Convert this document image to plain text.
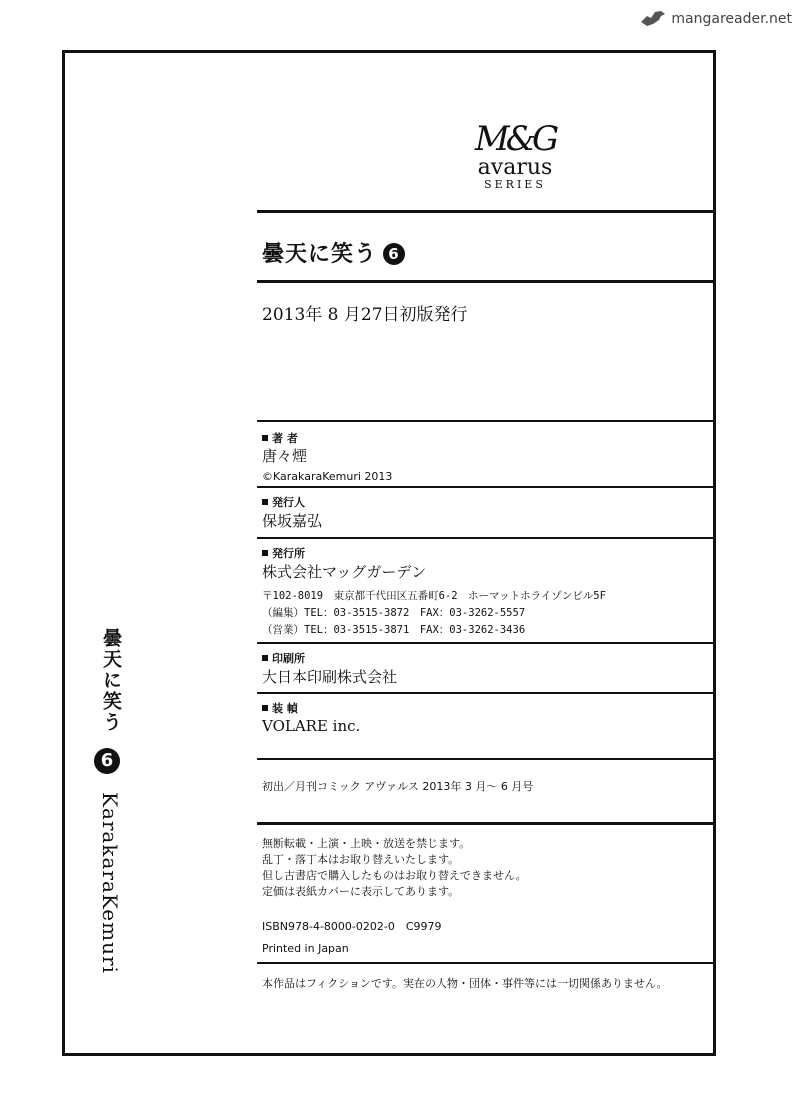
mangareader.net
M&G
avarus
SERIES
曇天に笑う 6
2013年 8 月27日初版発行
著 者
唐々煙
©KarakaraKemuri 2013
発行人
保坂嘉弘
発行所
株式会社マッグガーデン
〒102-8019　東京都千代田区五番町6-2　ホーマットホライゾンビル5F
（編集）TEL：03-3515-3872　FAX：03-3262-5557
（営業）TEL：03-3515-3871　FAX：03-3262-3436
印刷所
大日本印刷株式会社
装 幀
VOLARE inc.
初出／月刊コミック アヴァルス 2013年 3 月～ 6 月号
無断転載・上演・上映・放送を禁じます。
乱丁・落丁本はお取り替えいたします。
但し古書店で購入したものはお取り替えできません。
定価は表紙カバーに表示してあります。
ISBN978-4-8000-0202-0　C9979
Printed in Japan
本作品はフィクションです。実在の人物・団体・事件等には一切関係ありません。
曇天に笑う
6
KarakaraKemuri
